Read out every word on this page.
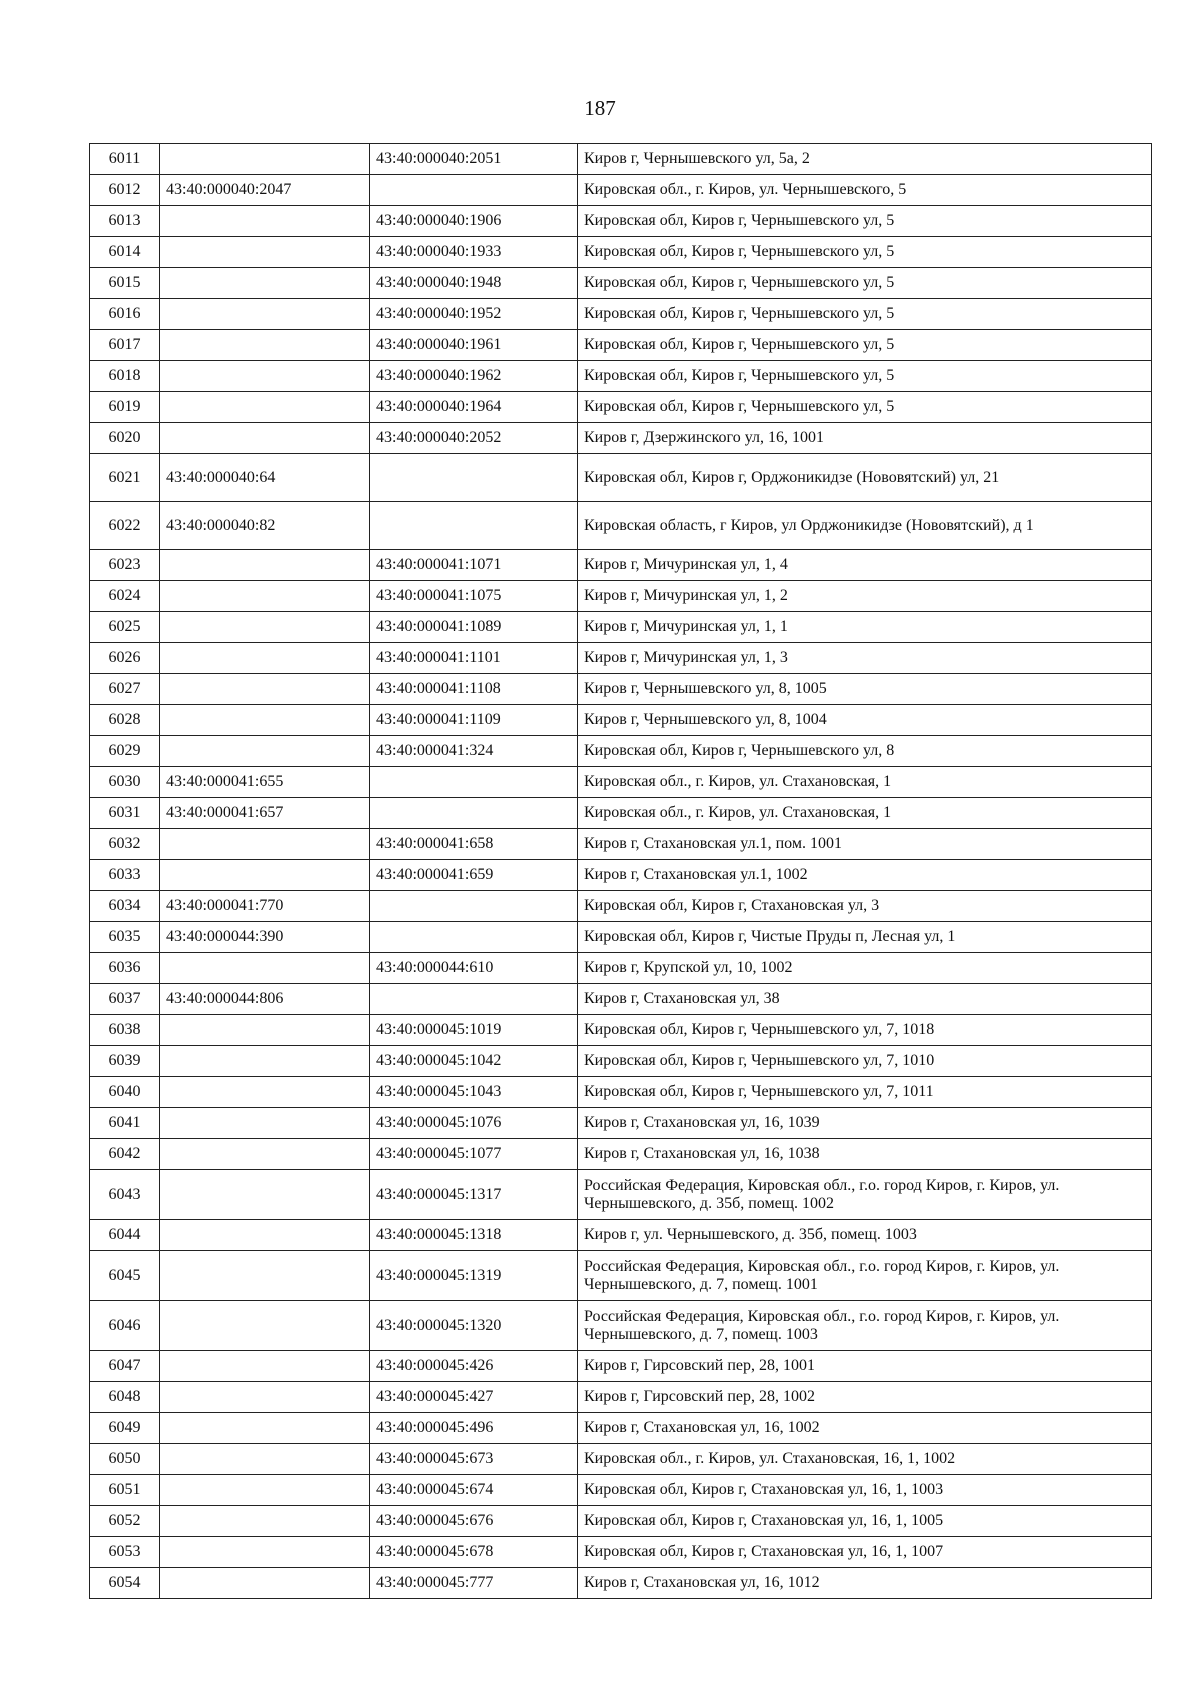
187
6011		43:40:000040:2051	Киров г, Чернышевского ул, 5а, 2
6012	43:40:000040:2047		Кировская обл., г. Киров, ул. Чернышевского, 5
6013		43:40:000040:1906	Кировская обл, Киров г, Чернышевского ул, 5
6014		43:40:000040:1933	Кировская обл, Киров г, Чернышевского ул, 5
6015		43:40:000040:1948	Кировская обл, Киров г, Чернышевского ул, 5
6016		43:40:000040:1952	Кировская обл, Киров г, Чернышевского ул, 5
6017		43:40:000040:1961	Кировская обл, Киров г, Чернышевского ул, 5
6018		43:40:000040:1962	Кировская обл, Киров г, Чернышевского ул, 5
6019		43:40:000040:1964	Кировская обл, Киров г, Чернышевского ул, 5
6020		43:40:000040:2052	Киров г, Дзержинского ул, 16, 1001
6021	43:40:000040:64		Кировская обл, Киров г, Орджоникидзе (Нововятский) ул, 21
6022	43:40:000040:82		Кировская область, г Киров, ул Орджоникидзе (Нововятский), д 1
6023		43:40:000041:1071	Киров г, Мичуринская ул, 1, 4
6024		43:40:000041:1075	Киров г, Мичуринская ул, 1, 2
6025		43:40:000041:1089	Киров г, Мичуринская ул, 1, 1
6026		43:40:000041:1101	Киров г, Мичуринская ул, 1, 3
6027		43:40:000041:1108	Киров г, Чернышевского ул, 8, 1005
6028		43:40:000041:1109	Киров г, Чернышевского ул, 8, 1004
6029		43:40:000041:324	Кировская обл, Киров г, Чернышевского ул, 8
6030	43:40:000041:655		Кировская обл., г. Киров, ул. Стахановская, 1
6031	43:40:000041:657		Кировская обл., г. Киров, ул. Стахановская, 1
6032		43:40:000041:658	Киров г, Стахановская ул.1, пом. 1001
6033		43:40:000041:659	Киров г, Стахановская ул.1, 1002
6034	43:40:000041:770		Кировская обл, Киров г, Стахановская ул, 3
6035	43:40:000044:390		Кировская обл, Киров г, Чистые Пруды п, Лесная ул, 1
6036		43:40:000044:610	Киров г, Крупской ул, 10, 1002
6037	43:40:000044:806		Киров г, Стахановская ул, 38
6038		43:40:000045:1019	Кировская обл, Киров г, Чернышевского ул, 7, 1018
6039		43:40:000045:1042	Кировская обл, Киров г, Чернышевского ул, 7, 1010
6040		43:40:000045:1043	Кировская обл, Киров г, Чернышевского ул, 7, 1011
6041		43:40:000045:1076	Киров г, Стахановская ул, 16, 1039
6042		43:40:000045:1077	Киров г, Стахановская ул, 16, 1038
6043		43:40:000045:1317	Российская Федерация, Кировская обл., г.о. город Киров, г. Киров, ул. Чернышевского, д. 35б, помещ. 1002
6044		43:40:000045:1318	Киров г, ул. Чернышевского, д. 35б, помещ. 1003
6045		43:40:000045:1319	Российская Федерация, Кировская обл., г.о. город Киров, г. Киров, ул. Чернышевского, д. 7, помещ. 1001
6046		43:40:000045:1320	Российская Федерация, Кировская обл., г.о. город Киров, г. Киров, ул. Чернышевского, д. 7, помещ. 1003
6047		43:40:000045:426	Киров г, Гирсовский пер, 28, 1001
6048		43:40:000045:427	Киров г, Гирсовский пер, 28, 1002
6049		43:40:000045:496	Киров г, Стахановская ул, 16, 1002
6050		43:40:000045:673	Кировская обл., г. Киров, ул. Стахановская, 16, 1, 1002
6051		43:40:000045:674	Кировская обл, Киров г, Стахановская ул, 16, 1, 1003
6052		43:40:000045:676	Кировская обл, Киров г, Стахановская ул, 16, 1, 1005
6053		43:40:000045:678	Кировская обл, Киров г, Стахановская ул, 16, 1, 1007
6054		43:40:000045:777	Киров г, Стахановская ул, 16, 1012
